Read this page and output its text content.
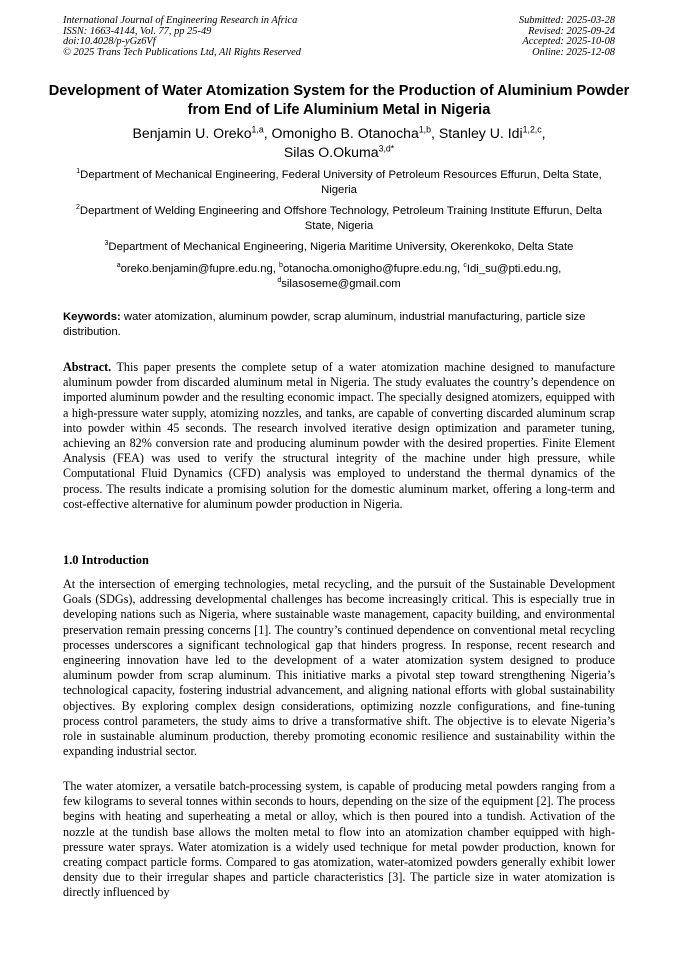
International Journal of Engineering Research in Africa
ISSN: 1663-4144, Vol. 77, pp 25-49
doi:10.4028/p-yGz6Vf
© 2025 Trans Tech Publications Ltd, All Rights Reserved
Submitted: 2025-03-28
Revised: 2025-09-24
Accepted: 2025-10-08
Online: 2025-12-08
Development of Water Atomization System for the Production of Aluminium Powder from End of Life Aluminium Metal in Nigeria
Benjamin U. Oreko$^{1,a}$, Omonigho B. Otanocha$^{1,b}$, Stanley U. Idi$^{1,2,c}$,
Silas O.Okuma$^{3,d*}$
$^1$Department of Mechanical Engineering, Federal University of Petroleum Resources Effurun, Delta State, Nigeria
$^2$Department of Welding Engineering and Offshore Technology, Petroleum Training Institute Effurun, Delta State, Nigeria
$^3$Department of Mechanical Engineering, Nigeria Maritime University, Okerenkoko, Delta State
$^a$oreko.benjamin@fupre.edu.ng, $^b$otanocha.omonigho@fupre.edu.ng, $^c$Idi_su@pti.edu.ng,
$^d$silasoseme@gmail.com
Keywords: water atomization, aluminum powder, scrap aluminum, industrial manufacturing, particle size distribution.
Abstract. This paper presents the complete setup of a water atomization machine designed to manufacture aluminum powder from discarded aluminum metal in Nigeria. The study evaluates the country’s dependence on imported aluminum powder and the resulting economic impact. The specially designed atomizers, equipped with a high-pressure water supply, atomizing nozzles, and tanks, are capable of converting discarded aluminum scrap into powder within 45 seconds. The research involved iterative design optimization and parameter tuning, achieving an 82% conversion rate and producing aluminum powder with the desired properties. Finite Element Analysis (FEA) was used to verify the structural integrity of the machine under high pressure, while Computational Fluid Dynamics (CFD) analysis was employed to understand the thermal dynamics of the process. The results indicate a promising solution for the domestic aluminum market, offering a long-term and cost-effective alternative for aluminum powder production in Nigeria.
1.0 Introduction
At the intersection of emerging technologies, metal recycling, and the pursuit of the Sustainable Development Goals (SDGs), addressing developmental challenges has become increasingly critical. This is especially true in developing nations such as Nigeria, where sustainable waste management, capacity building, and environmental preservation remain pressing concerns [1]. The country’s continued dependence on conventional metal recycling processes underscores a significant technological gap that hinders progress. In response, recent research and engineering innovation have led to the development of a water atomization system designed to produce aluminum powder from scrap aluminum. This initiative marks a pivotal step toward strengthening Nigeria’s technological capacity, fostering industrial advancement, and aligning national efforts with global sustainability objectives. By exploring complex design considerations, optimizing nozzle configurations, and fine-tuning process control parameters, the study aims to drive a transformative shift. The objective is to elevate Nigeria’s role in sustainable aluminum production, thereby promoting economic resilience and sustainability within the expanding industrial sector.
The water atomizer, a versatile batch-processing system, is capable of producing metal powders ranging from a few kilograms to several tonnes within seconds to hours, depending on the size of the equipment [2]. The process begins with heating and superheating a metal or alloy, which is then poured into a tundish. Activation of the nozzle at the tundish base allows the molten metal to flow into an atomization chamber equipped with high-pressure water sprays. Water atomization is a widely used technique for metal powder production, known for creating compact particle forms. Compared to gas atomization, water-atomized powders generally exhibit lower density due to their irregular shapes and particle characteristics [3]. The particle size in water atomization is directly influenced by
